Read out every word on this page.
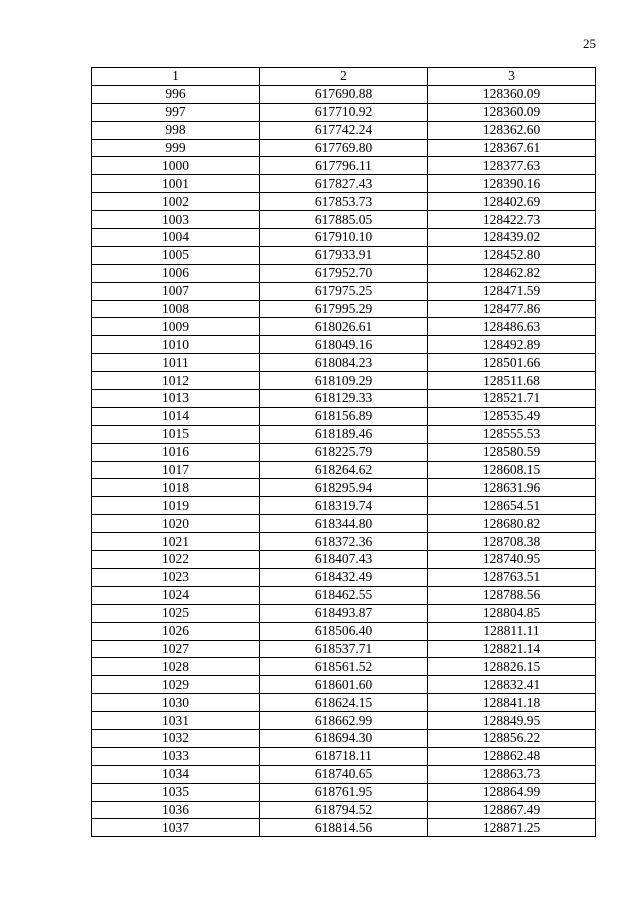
25
1	2	3
996	617690.88	128360.09
997	617710.92	128360.09
998	617742.24	128362.60
999	617769.80	128367.61
1000	617796.11	128377.63
1001	617827.43	128390.16
1002	617853.73	128402.69
1003	617885.05	128422.73
1004	617910.10	128439.02
1005	617933.91	128452.80
1006	617952.70	128462.82
1007	617975.25	128471.59
1008	617995.29	128477.86
1009	618026.61	128486.63
1010	618049.16	128492.89
1011	618084.23	128501.66
1012	618109.29	128511.68
1013	618129.33	128521.71
1014	618156.89	128535.49
1015	618189.46	128555.53
1016	618225.79	128580.59
1017	618264.62	128608.15
1018	618295.94	128631.96
1019	618319.74	128654.51
1020	618344.80	128680.82
1021	618372.36	128708.38
1022	618407.43	128740.95
1023	618432.49	128763.51
1024	618462.55	128788.56
1025	618493.87	128804.85
1026	618506.40	128811.11
1027	618537.71	128821.14
1028	618561.52	128826.15
1029	618601.60	128832.41
1030	618624.15	128841.18
1031	618662.99	128849.95
1032	618694.30	128856.22
1033	618718.11	128862.48
1034	618740.65	128863.73
1035	618761.95	128864.99
1036	618794.52	128867.49
1037	618814.56	128871.25
